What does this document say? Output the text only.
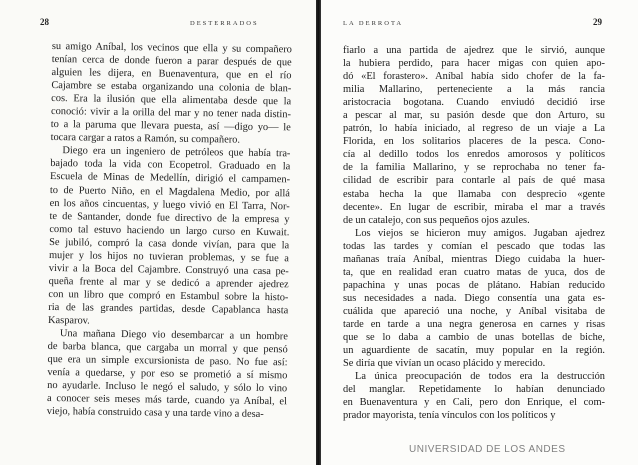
28	DESTERRADOS
su amigo Aníbal, los vecinos que ella y su compañero
tenían cerca de donde fueron a parar después de que
alguien les dijera, en Buenaventura, que en el río
Cajambre se estaba organizando una colonia de blan-
cos. Era la ilusión que ella alimentaba desde que la
conoció: vivir a la orilla del mar y no tener nada distin-
to a la paruma que llevara puesta, así —digo yo— le
tocara cargar a ratos a Ramón, su compañero.
Diego era un ingeniero de petróleos que había tra-
bajado toda la vida con Ecopetrol. Graduado en la
Escuela de Minas de Medellín, dirigió el campamen-
to de Puerto Niño, en el Magdalena Medio, por allá
en los años cincuentas, y luego vivió en El Tarra, Nor-
te de Santander, donde fue directivo de la empresa y
como tal estuvo haciendo un largo curso en Kuwait.
Se jubiló, compró la casa donde vivían, para que la
mujer y los hijos no tuvieran problemas, y se fue a
vivir a la Boca del Cajambre. Construyó una casa pe-
queña frente al mar y se dedicó a aprender ajedrez
con un libro que compró en Estambul sobre la histo-
ria de las grandes partidas, desde Capablanca hasta
Kasparov.
Una mañana Diego vio desembarcar a un hombre
de barba blanca, que cargaba un morral y que pensó
que era un simple excursionista de paso. No fue así:
venía a quedarse, y por eso se prometió a sí mismo
no ayudarle. Incluso le negó el saludo, y sólo lo vino
a conocer seis meses más tarde, cuando ya Aníbal, el
viejo, había construido casa y una tarde vino a desa-
LA DERROTA	29
fiarlo a una partida de ajedrez que le sirvió, aunque
la hubiera perdido, para hacer migas con quien apo-
dó «El forastero». Aníbal había sido chofer de la fa-
milia Mallarino, perteneciente a la más rancia
aristocracia bogotana. Cuando enviudó decidió irse
a pescar al mar, su pasión desde que don Arturo, su
patrón, lo había iniciado, al regreso de un viaje a La
Florida, en los solitarios placeres de la pesca. Cono-
cía al dedillo todos los enredos amorosos y políticos
de la familia Mallarino, y se reprochaba no tener fa-
cilidad de escribir para contarle al país de qué masa
estaba hecha la que llamaba con desprecio «gente
decente». En lugar de escribir, miraba el mar a través
de un catalejo, con sus pequeños ojos azules.
Los viejos se hicieron muy amigos. Jugaban ajedrez
todas las tardes y comían el pescado que todas las
mañanas traía Aníbal, mientras Diego cuidaba la huer-
ta, que en realidad eran cuatro matas de yuca, dos de
papachina y unas pocas de plátano. Habían reducido
sus necesidades a nada. Diego consentía una gata es-
cuálida que apareció una noche, y Aníbal visitaba de
tarde en tarde a una negra generosa en carnes y risas
que se lo daba a cambio de unas botellas de biche,
un aguardiente de sacatín, muy popular en la región.
Se diría que vivían un ocaso plácido y merecido.
La única preocupación de todos era la destrucción
del manglar. Repetidamente lo habían denunciado
en Buenaventura y en Cali, pero don Enrique, el com-
prador mayorista, tenía vínculos con los políticos y
UNIVERSIDAD DE LOS ANDES
